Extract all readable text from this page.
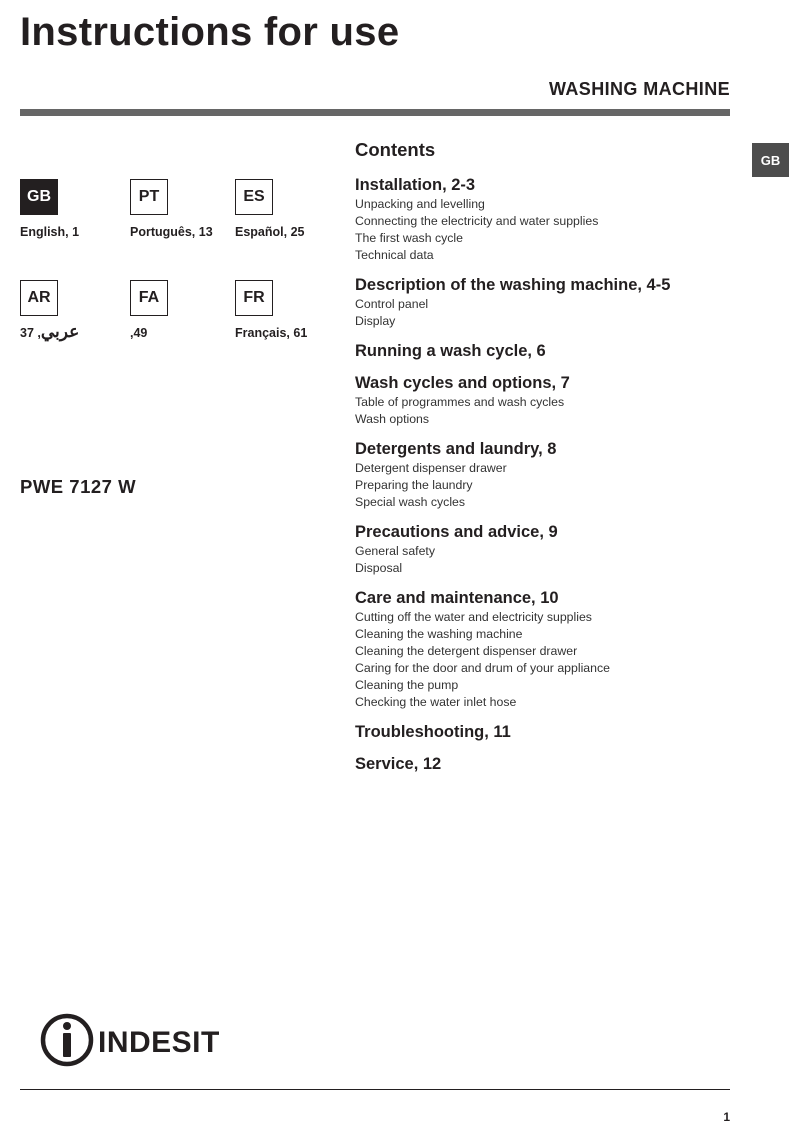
Instructions for use
WASHING MACHINE
GB
GB
English, 1
PT
Português, 13
ES
Español, 25
AR
عربي, 37
FA
,49
FR
Français, 61
PWE 7127 W
Contents
Installation, 2-3
Unpacking and levelling
Connecting the electricity and water supplies
The first wash cycle
Technical data
Description of the washing machine, 4-5
Control panel
Display
Running a wash cycle, 6
Wash cycles and options, 7
Table of programmes and wash cycles
Wash options
Detergents and laundry, 8
Detergent dispenser drawer
Preparing the laundry
Special wash cycles
Precautions and advice, 9
General safety
Disposal
Care and maintenance, 10
Cutting off the water and electricity supplies
Cleaning the washing machine
Cleaning the detergent dispenser drawer
Caring for the door and drum of your appliance
Cleaning the pump
Checking the water inlet hose
Troubleshooting, 11
Service, 12
INDESIT
1
